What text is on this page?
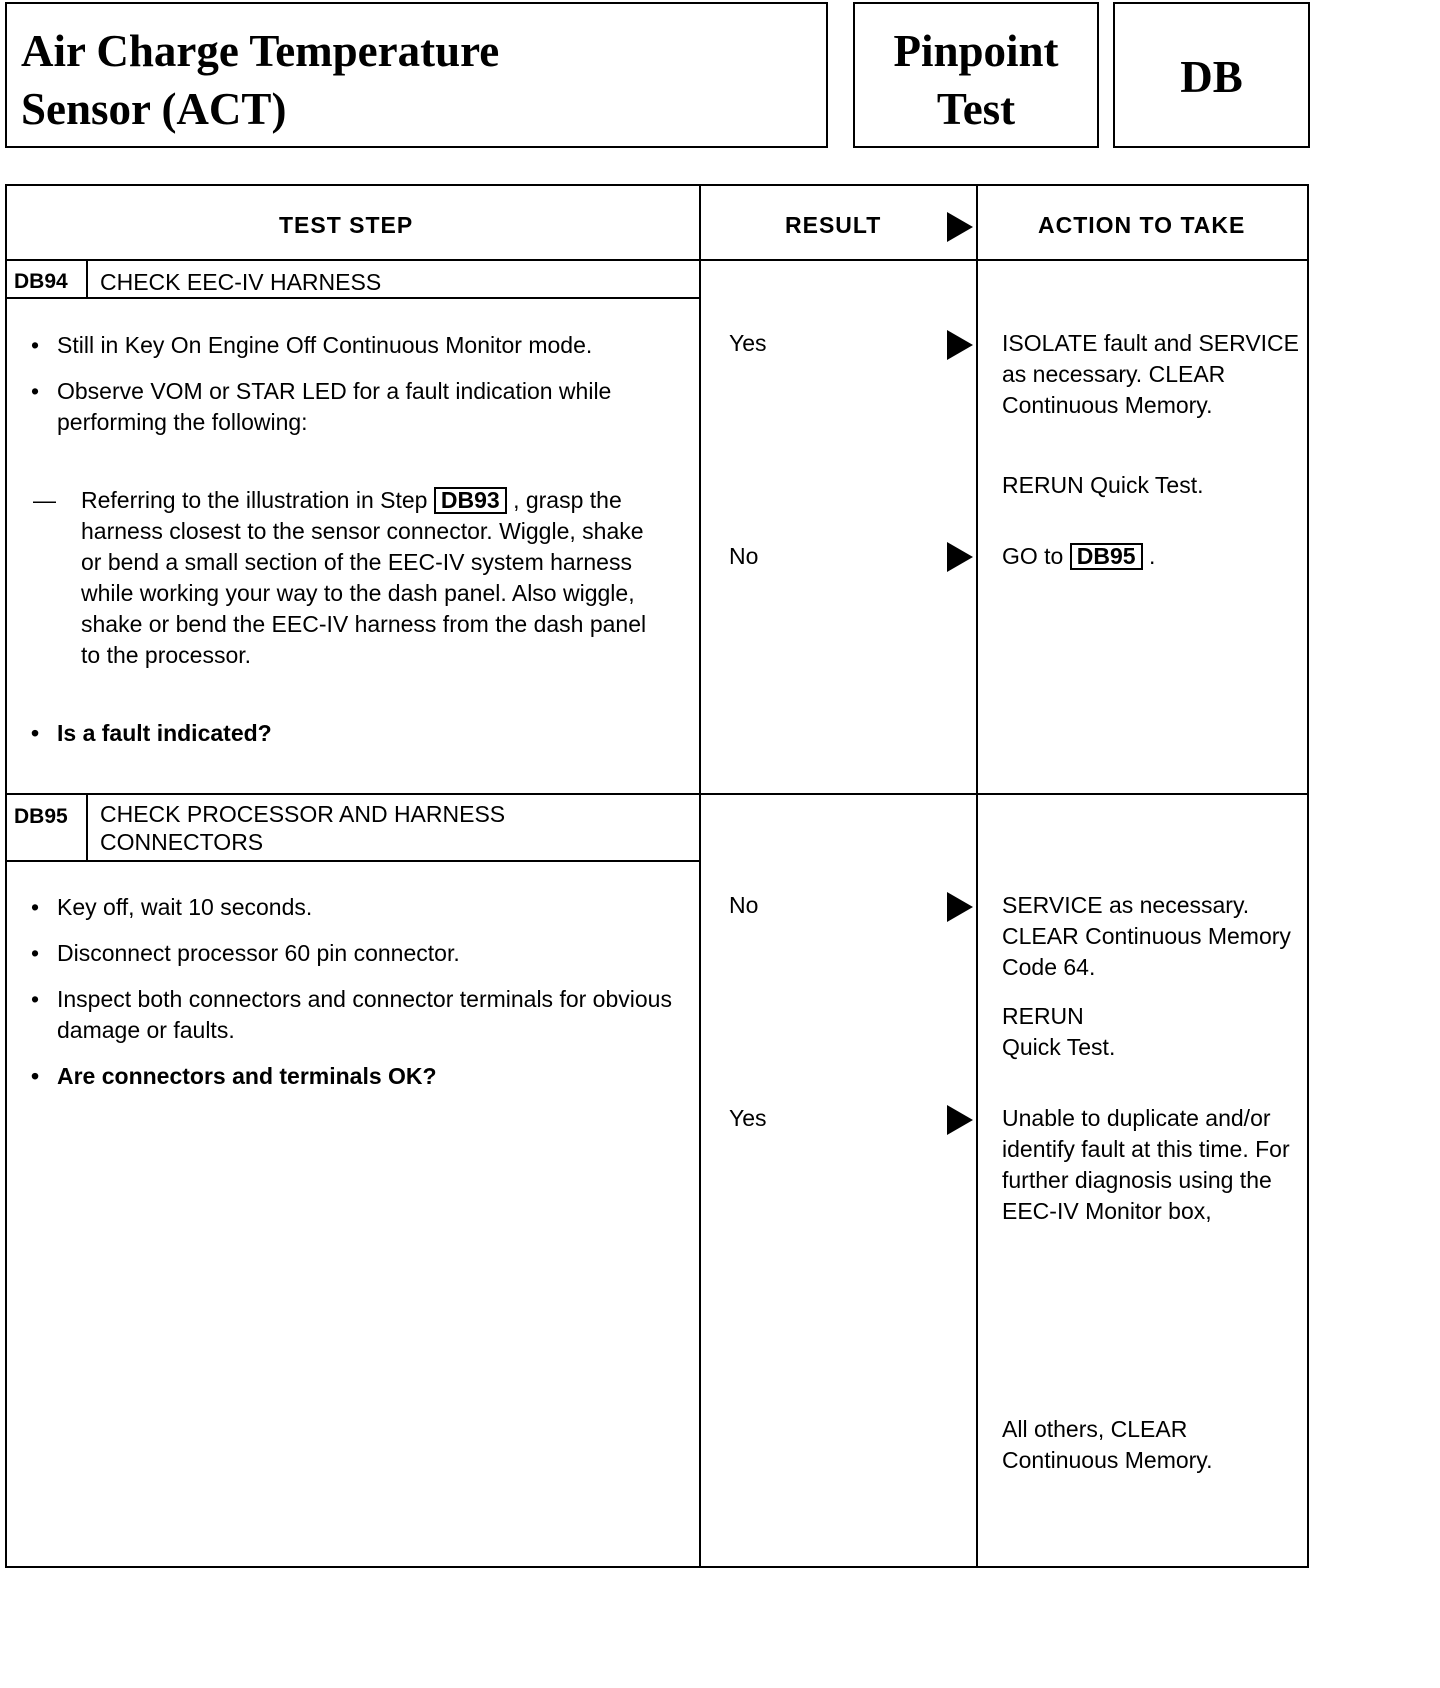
Air Charge Temperature
Sensor (ACT)
Pinpoint
Test
DB
TEST STEP	RESULT	ACTION TO TAKE
DB94 CHECK EEC-IV HARNESS
• Still in Key On Engine Off Continuous Monitor mode.
• Observe VOM or STAR LED for a fault indication while performing the following:
— Referring to the illustration in Step DB93 , grasp the harness closest to the sensor connector. Wiggle, shake or bend a small section of the EEC-IV system harness while working your way to the dash panel. Also wiggle, shake or bend the EEC-IV harness from the dash panel to the processor.
• Is a fault indicated?
Yes	ISOLATE fault and SERVICE as necessary. CLEAR Continuous Memory.
RERUN Quick Test.
No	GO to DB95 .
DB95 CHECK PROCESSOR AND HARNESS
CONNECTORS
• Key off, wait 10 seconds.
• Disconnect processor 60 pin connector.
• Inspect both connectors and connector terminals for obvious damage or faults.
• Are connectors and terminals OK?
No	SERVICE as necessary. CLEAR Continuous Memory Code 64.
RERUN
Quick Test.
Yes	Unable to duplicate and/or identify fault at this time. For further diagnosis using the EEC-IV Monitor box,
All others, CLEAR Continuous Memory.
